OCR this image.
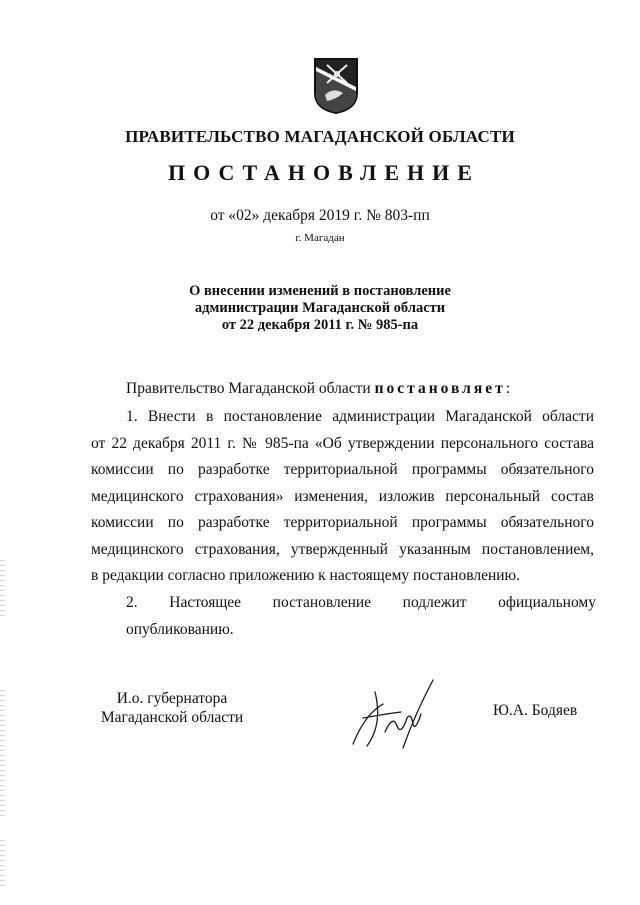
ПРАВИТЕЛЬСТВО МАГАДАНСКОЙ ОБЛАСТИ
ПОСТАНОВЛЕНИЕ
от «02» декабря 2019 г. № 803-пп
г. Магадан
О внесении изменений в постановление
администрации Магаданской области
от 22 декабря 2011 г. № 985-па
Правительство Магаданской области постановляет:

1. Внести в постановление администрации Магаданской области

от 22 декабря 2011 г. № 985-па «Об утверждении персонального состава

комиссии по разработке территориальной программы обязательного

медицинского страхования» изменения, изложив персональный состав

комиссии по разработке территориальной программы обязательного

медицинского страхования, утвержденный указанным постановлением,

в редакции согласно приложению к настоящему постановлению.

2. Настоящее постановление подлежит официальному опубликованию.

И.о. губернатора
Магаданской области	Ю.А. Бодяев
